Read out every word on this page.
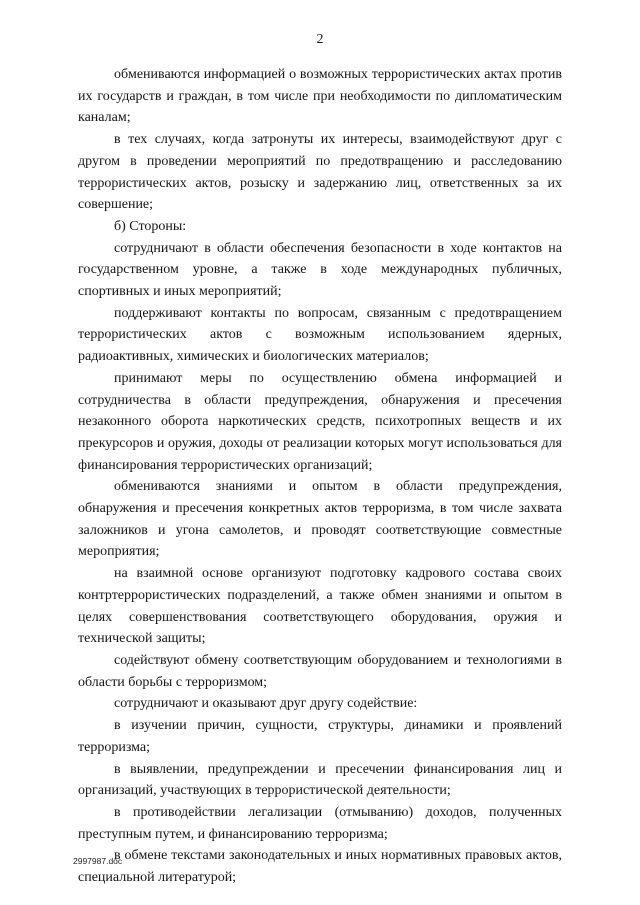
2

обмениваются информацией о возможных террористических актах против их государств и граждан, в том числе при необходимости по дипломатическим каналам;

в тех случаях, когда затронуты их интересы, взаимодействуют друг с другом в проведении мероприятий по предотвращению и расследованию террористических актов, розыску и задержанию лиц, ответственных за их совершение;

б) Стороны:

сотрудничают в области обеспечения безопасности в ходе контактов на государственном уровне, а также в ходе международных публичных, спортивных и иных мероприятий;

поддерживают контакты по вопросам, связанным с предотвращением террористических актов с возможным использованием ядерных, радиоактивных, химических и биологических материалов;

принимают меры по осуществлению обмена информацией и сотрудничества в области предупреждения, обнаружения и пресечения незаконного оборота наркотических средств, психотропных веществ и их прекурсоров и оружия, доходы от реализации которых могут использоваться для финансирования террористических организаций;

обмениваются знаниями и опытом в области предупреждения, обнаружения и пресечения конкретных актов терроризма, в том числе захвата заложников и угона самолетов, и проводят соответствующие совместные мероприятия;

на взаимной основе организуют подготовку кадрового состава своих контртеррористических подразделений, а также обмен знаниями и опытом в целях совершенствования соответствующего оборудования, оружия и технической защиты;

содействуют обмену соответствующим оборудованием и технологиями в области борьбы с терроризмом;

сотрудничают и оказывают друг другу содействие:

в изучении причин, сущности, структуры, динамики и проявлений терроризма;

в выявлении, предупреждении и пресечении финансирования лиц и организаций, участвующих в террористической деятельности;

в противодействии легализации (отмыванию) доходов, полученных преступным путем, и финансированию терроризма;

в обмене текстами законодательных и иных нормативных правовых актов, специальной литературой;

2997987.doc
